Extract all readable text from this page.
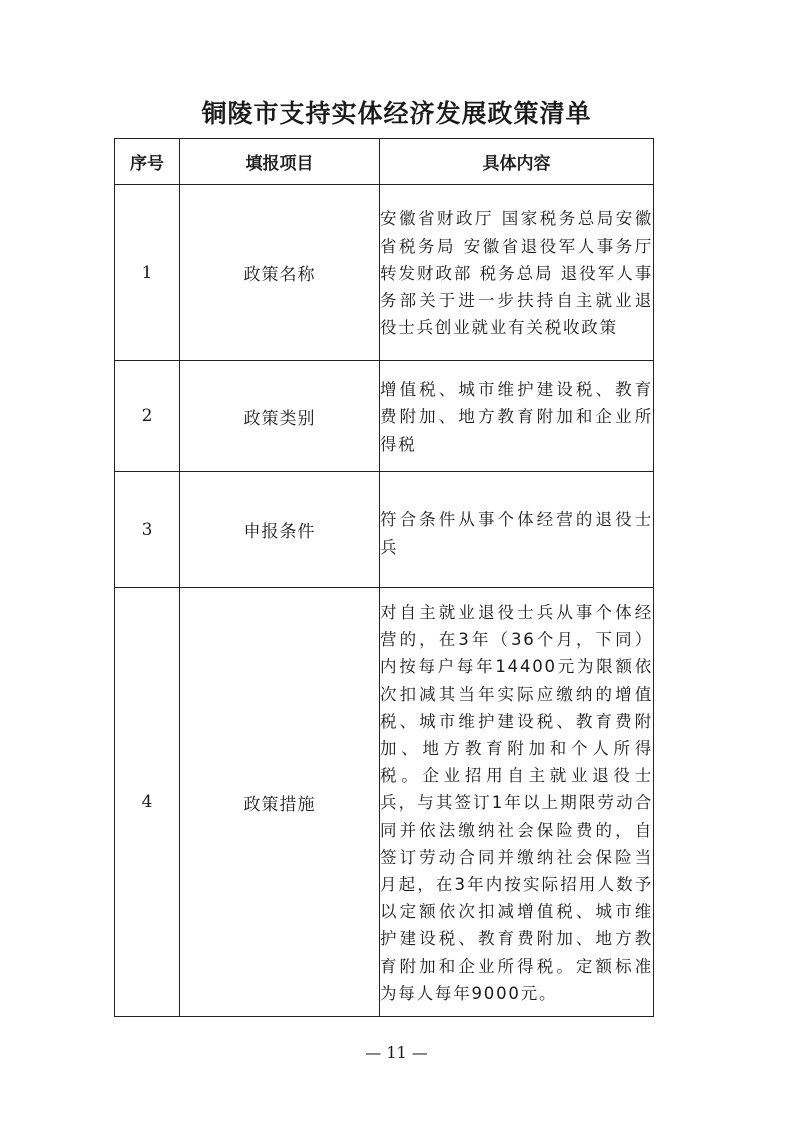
铜陵市支持实体经济发展政策清单
序号	填报项目	具体内容
1	政策名称	安徽省财政厅 国家税务总局安徽省税务局 安徽省退役军人事务厅转发财政部 税务总局 退役军人事务部关于进一步扶持自主就业退役士兵创业就业有关税收政策
2	政策类别	增值税、城市维护建设税、教育费附加、地方教育附加和企业所得税
3	申报条件	符合条件从事个体经营的退役士兵
4	政策措施	对自主就业退役士兵从事个体经营的，在3年（36个月，下同）内按每户每年14400元为限额依次扣减其当年实际应缴纳的增值税、城市维护建设税、教育费附加、地方教育附加和个人所得税。企业招用自主就业退役士兵，与其签订1年以上期限劳动合同并依法缴纳社会保险费的，自签订劳动合同并缴纳社会保险当月起，在3年内按实际招用人数予以定额依次扣减增值税、城市维护建设税、教育费附加、地方教育附加和企业所得税。定额标准为每人每年9000元。
— 11 —
